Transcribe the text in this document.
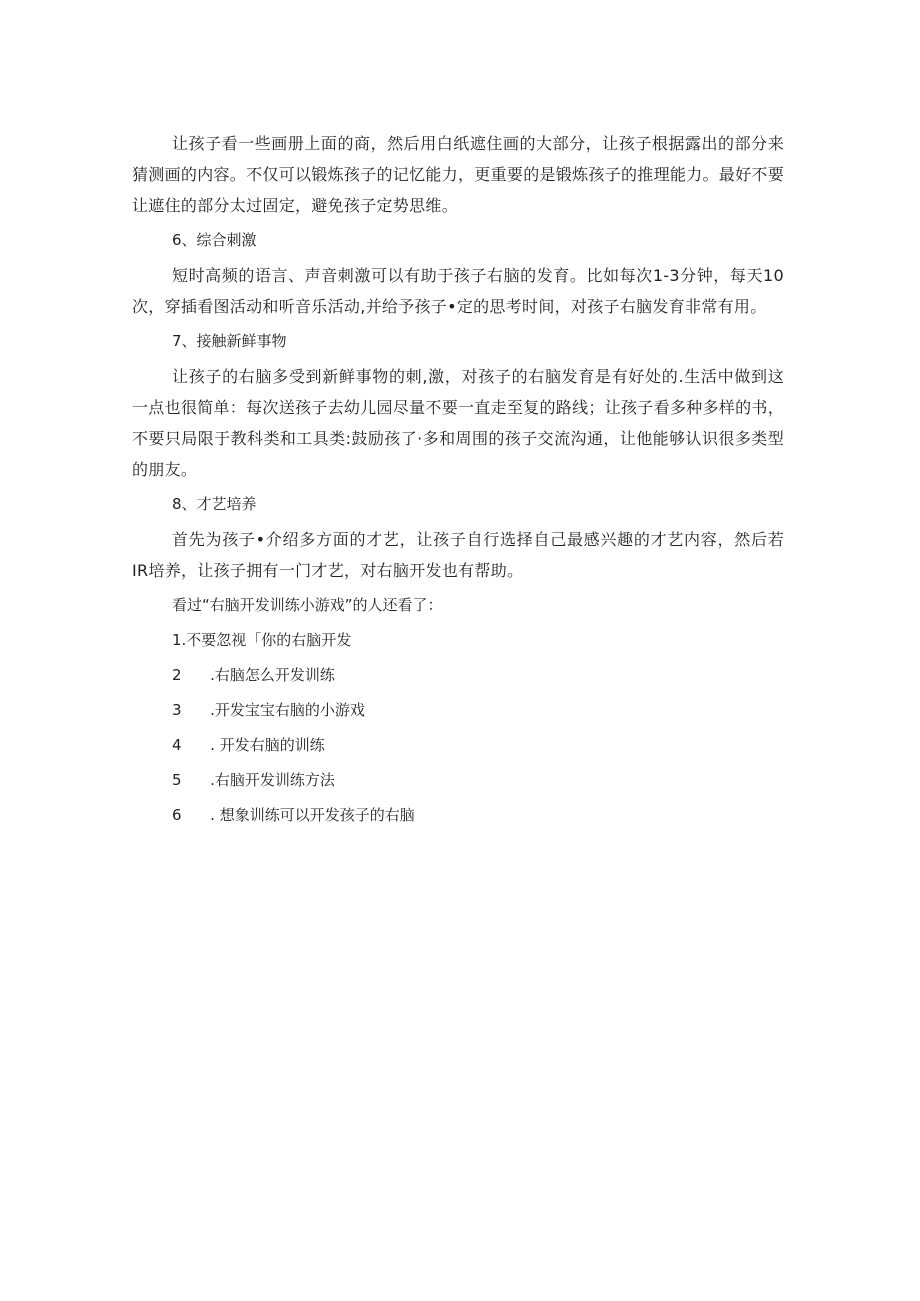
让孩子看一些画册上面的商，然后用白纸遮住画的大部分，让孩子根据露出的部分来猜测画的内容。不仅可以锻炼孩子的记忆能力，更重要的是锻炼孩子的推理能力。最好不要让遮住的部分太过固定，避免孩子定势思维。

6、综合刺激

短时高频的语言、声音刺激可以有助于孩子右脑的发育。比如每次1-3分钟，每天10次，穿插看图活动和听音乐活动,并给予孩子•定的思考时间，对孩子右脑发育非常有用。

7、接触新鲜事物

让孩子的右脑多受到新鲜事物的刺,激，对孩子的右脑发育是有好处的.生活中做到这一点也很简单：每次送孩子去幼儿园尽量不要一直走至复的路线；让孩子看多种多样的书，不要只局限于教科类和工具类:鼓励孩了·多和周围的孩子交流沟通，让他能够认识很多类型的朋友。

8、才艺培养

首先为孩子•介绍多方面的才艺，让孩子自行选择自己最感兴趣的才艺内容，然后若IR培养，让孩子拥有一门才艺，对右脑开发也有帮助。

看过“右脑开发训练小游戏”的人还看了：
1.不要忽视「你的右脑开发
2	.右脑怎么开发训练
3	.开发宝宝右脑的小游戏
4	. 开发右脑的训练
5	.右脑开发训练方法
6	. 想象训练可以开发孩子的右脑
